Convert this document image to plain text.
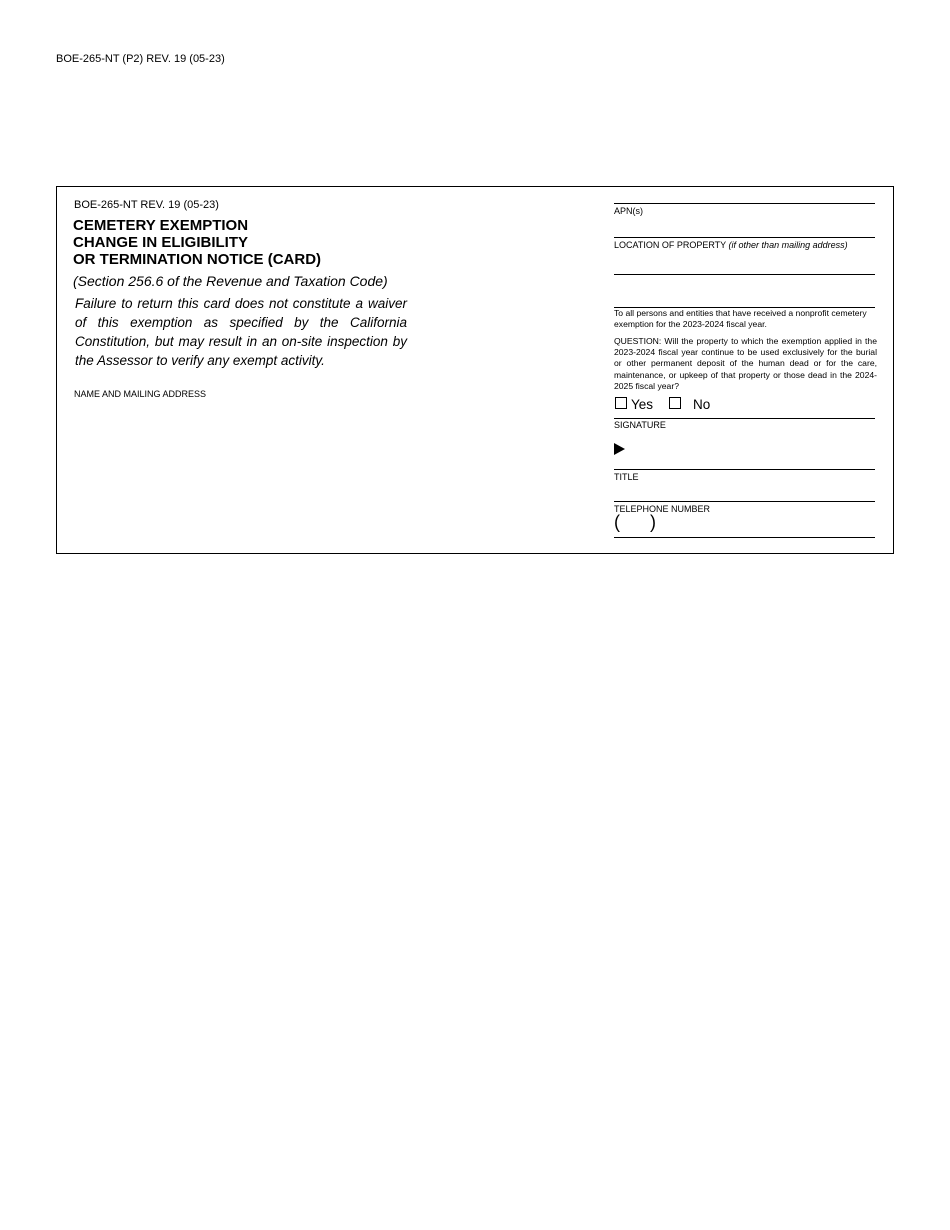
BOE-265-NT (P2) REV. 19 (05-23)
BOE-265-NT REV. 19 (05-23)
CEMETERY EXEMPTION
CHANGE IN ELIGIBILITY
OR TERMINATION NOTICE (CARD)
(Section 256.6 of the Revenue and Taxation Code)
Failure to return this card does not constitute a waiver of this exemption as specified by the California Constitution, but may result in an on-site inspection by the Assessor to verify any exempt activity.
NAME AND MAILING ADDRESS
APN(s)
LOCATION OF PROPERTY (if other than mailing address)
To all persons and entities that have received a nonprofit cemetery exemption for the 2023-2024 fiscal year.
QUESTION: Will the property to which the exemption applied in the 2023-2024 fiscal year continue to be used exclusively for the burial or other permanent deposit of the human dead or for the care, maintenance, or upkeep of that property or those dead in the 2024-2025 fiscal year?
Yes	No
SIGNATURE
TITLE
TELEPHONE NUMBER
(      )
